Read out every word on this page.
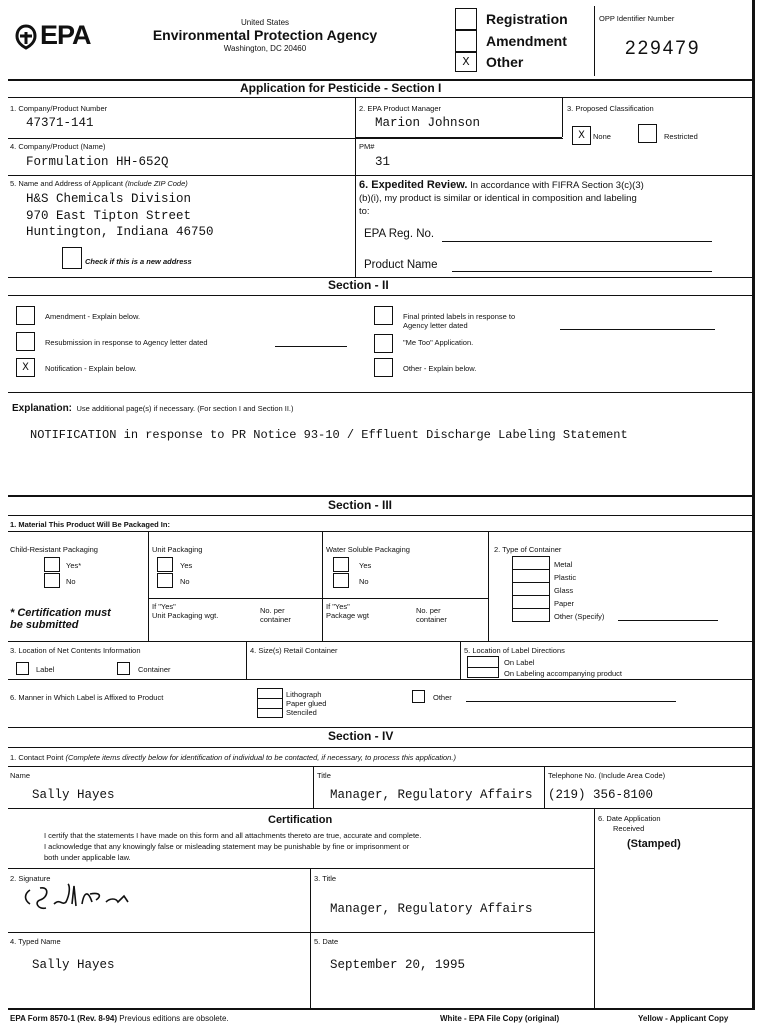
EPA	United States
Environmental Protection Agency
Washington, DC 20460
X
Registration
Amendment
Other
OPP Identifier Number
229479
Application for Pesticide - Section I
1. Company/Product Number
47371-141
2. EPA Product Manager
Marion Johnson
3. Proposed Classification
X	None	Restricted
4. Company/Product (Name)
Formulation HH-652Q
PM#
31
5. Name and Address of Applicant (Include ZIP Code)
H&S Chemicals Division
970 East Tipton Street
Huntington, Indiana 46750
Check if this is a new address
6. Expedited Review. In accordance with FIFRA Section 3(c)(3)
(b)(i), my product is similar or identical in composition and labeling
to:
EPA Reg. No.
Product Name
Section - II
Amendment - Explain below.
Resubmission in response to Agency letter dated
X	Notification - Explain below.
Final printed labels in response to
Agency letter dated
"Me Too" Application.
Other - Explain below.
Explanation: Use additional page(s) if necessary. (For section I and Section II.)
NOTIFICATION in response to PR Notice 93-10 / Effluent Discharge Labeling Statement
Section - III
1. Material This Product Will Be Packaged In:
Child-Resistant Packaging
Yes*
No
* Certification must
be submitted
Unit Packaging
Yes
No
If "Yes"
Unit Packaging wgt.
No. per
container
Water Soluble Packaging
Yes
No
If "Yes"
Package wgt
No. per
container
2. Type of Container
Metal
Plastic
Glass
Paper
Other (Specify)
3. Location of Net Contents Information
Label	Container
4. Size(s) Retail Container	5. Location of Label Directions
On Label
On Labeling accompanying product
6. Manner in Which Label is Affixed to Product	Lithograph
Paper glued
Stenciled
Other
Section - IV
1. Contact Point (Complete items directly below for identification of individual to be contacted, if necessary, to process this application.)
Name
Sally Hayes
Title
Manager, Regulatory Affairs
Telephone No. (Include Area Code)
(219) 356-8100
Certification
I certify that the statements I have made on this form and all attachments thereto are true, accurate and complete.
I acknowledge that any knowingly false or misleading statement may be punishable by fine or imprisonment or
both under applicable law.
6. Date Application
Received
(Stamped)
2. Signature	3. Title
Manager, Regulatory Affairs
4. Typed Name
Sally Hayes
5. Date
September 20, 1995
EPA Form 8570-1 (Rev. 8-94) Previous editions are obsolete.	White - EPA File Copy (original)	Yellow - Applicant Copy
